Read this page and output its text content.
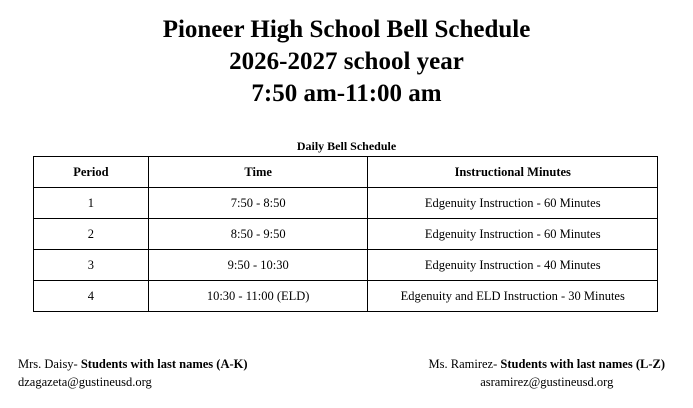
Pioneer High School Bell Schedule

2026-2027 school year

7:50 am-11:00 am

Daily Bell Schedule
Period	Time	Instructional Minutes
1	7:50 - 8:50	Edgenuity Instruction - 60 Minutes
2	8:50 - 9:50	Edgenuity Instruction - 60 Minutes
3	9:50 - 10:30	Edgenuity Instruction - 40 Minutes
4	10:30 - 11:00 (ELD)	Edgenuity and ELD Instruction - 30 Minutes
Mrs. Daisy- Students with last names (A-K)
dzagazeta@gustineusd.org
Ms. Ramirez- Students with last names (L-Z)
asramirez@gustineusd.org
